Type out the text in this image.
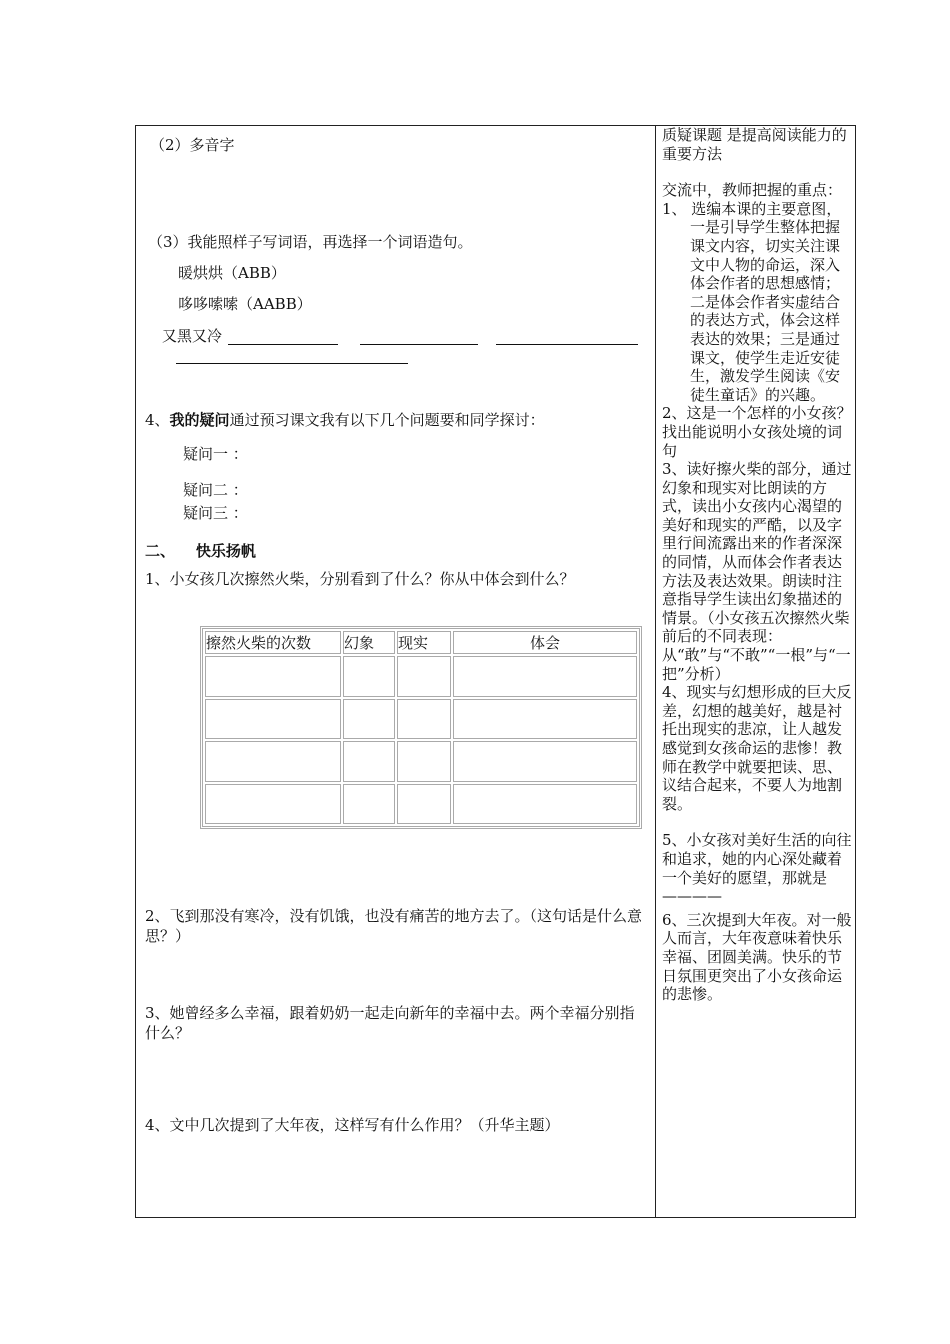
（2）多音字
（3）我能照样子写词语，再选择一个词语造句。
暖烘烘（ABB）
哆哆嗦嗦（AABB）
又黑又冷
4、我的疑问通过预习课文我有以下几个问题要和同学探讨：
疑问一 ：
疑问二 ：
疑问三 ：
二、    快乐扬帆
1、小女孩几次擦然火柴，分别看到了什么？你从中体会到什么？
擦然火柴的次数	幻象	现实	体会

2、飞到那没有寒冷，没有饥饿，也没有痛苦的地方去了。（这句话是什么意思？）
3、她曾经多么幸福，跟着奶奶一起走向新年的幸福中去。两个幸福分别指什么？
4、文中几次提到了大年夜，这样写有什么作用？（升华主题）

质疑课题 是提高阅读能力的重要方法

交流中，教师把握的重点：

1、 选编本课的主要意图，一是引导学生整体把握课文内容，切实关注课文中人物的命运，深入体会作者的思想感情；二是体会作者实虚结合的表达方式，体会这样表达的效果；三是通过课文，使学生走近安徒生，激发学生阅读《安徒生童话》的兴趣。

2、这是一个怎样的小女孩？找出能说明小女孩处境的词句

3、读好擦火柴的部分，通过幻象和现实对比朗读的方式，读出小女孩内心渴望的美好和现实的严酷，以及字里行间流露出来的作者深深的同情，从而体会作者表达方法及表达效果。朗读时注意指导学生读出幻象描述的情景。（小女孩五次擦然火柴前后的不同表现：从“敢”与“不敢”“一根”与“一把”分析）

4、现实与幻想形成的巨大反差，幻想的越美好，越是衬托出现实的悲凉，让人越发感觉到女孩命运的悲惨！教师在教学中就要把读、思、议结合起来，不要人为地割裂。

5、小女孩对美好生活的向往和追求，她的内心深处藏着一个美好的愿望，那就是————

6、三次提到大年夜。对一般人而言，大年夜意味着快乐幸福、团圆美满。快乐的节日氛围更突出了小女孩命运的悲惨。
